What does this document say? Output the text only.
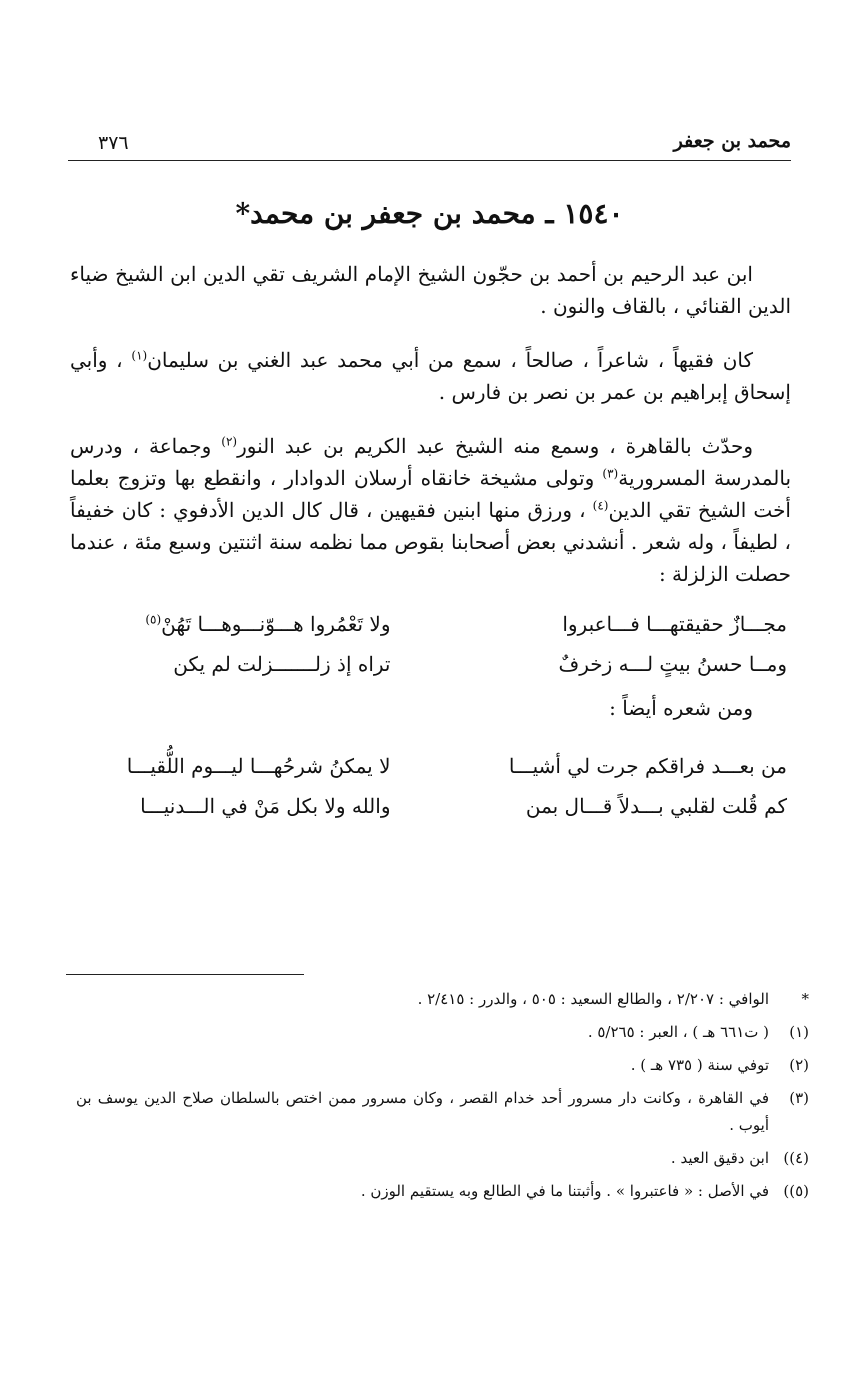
محمد بن جعفر
٣٧٦
١٥٤٠ ـ محمد بن جعفر بن محمد*

ابن عبد الرحيم بن أحمد بن حجّون الشيخ الإمام الشريف تقي الدين ابن الشيخ ضياء الدين القنائي ، بالقاف والنون .

كان فقيهاً ، شاعراً ، صالحاً ، سمع من أبي محمد عبد الغني بن سليمان$^{(١)}$ ، وأبي إسحاق إبراهيم بن عمر بن نصر بن فارس .

وحدّث بالقاهرة ، وسمع منه الشيخ عبد الكريم بن عبد النور$^{(٢)}$ وجماعة ، ودرس بالمدرسة المسرورية$^{(٣)}$ وتولى مشيخة خانقاه أرسلان الدوادار ، وانقطع بها وتزوج بعلما أخت الشيخ تقي الدين$^{(٤)}$ ، ورزق منها ابنين فقيهين ، قال كال الدين الأدفوي : كان خفيفاً ، لطيفاً ، وله شعر . أنشدني بعض أصحابنا بقوص مما نظمه سنة اثنتين وسبع مئة ، عندما حصلت الزلزلة :

مجـــازٌ حقيقتهـــا فـــاعبروا	ولا تَعْمُروا هـــوّنـــوهـــا تَهُنْ$^{(٥)}$
ومــا حسنُ بيتٍ لـــه زخرفٌ	تراه إذ زلـــــــزلت لم يكن

ومن شعره أيضاً :

من بعـــد فراقكم جرت لي أشيـــا	لا يمكنُ شرحُهـــا ليـــوم اللُّقيـــا
كم قُلت لقلبي بـــدلاً قـــال بمن	والله ولا بكل مَنْ في الـــدنيـــا
*
الوافي : ٢/٢٠٧ ، والطالع السعيد : ٥٠٥ ، والدرر : ٢/٤١٥ .
(١)
( ت٦٦١ هـ ) ، العبر : ٥/٢٦٥ .
(٢)
توفي سنة ( ٧٣٥ هـ ) .
(٣)
في القاهرة ، وكانت دار مسرور أحد خدام القصر ، وكان مسرور ممن اختص بالسلطان صلاح الدين يوسف بن أيوب .
(٤))
ابن دقيق العيد .
(٥))
في الأصل : « فاعتبروا » . وأثبتنا ما في الطالع وبه يستقيم الوزن .
